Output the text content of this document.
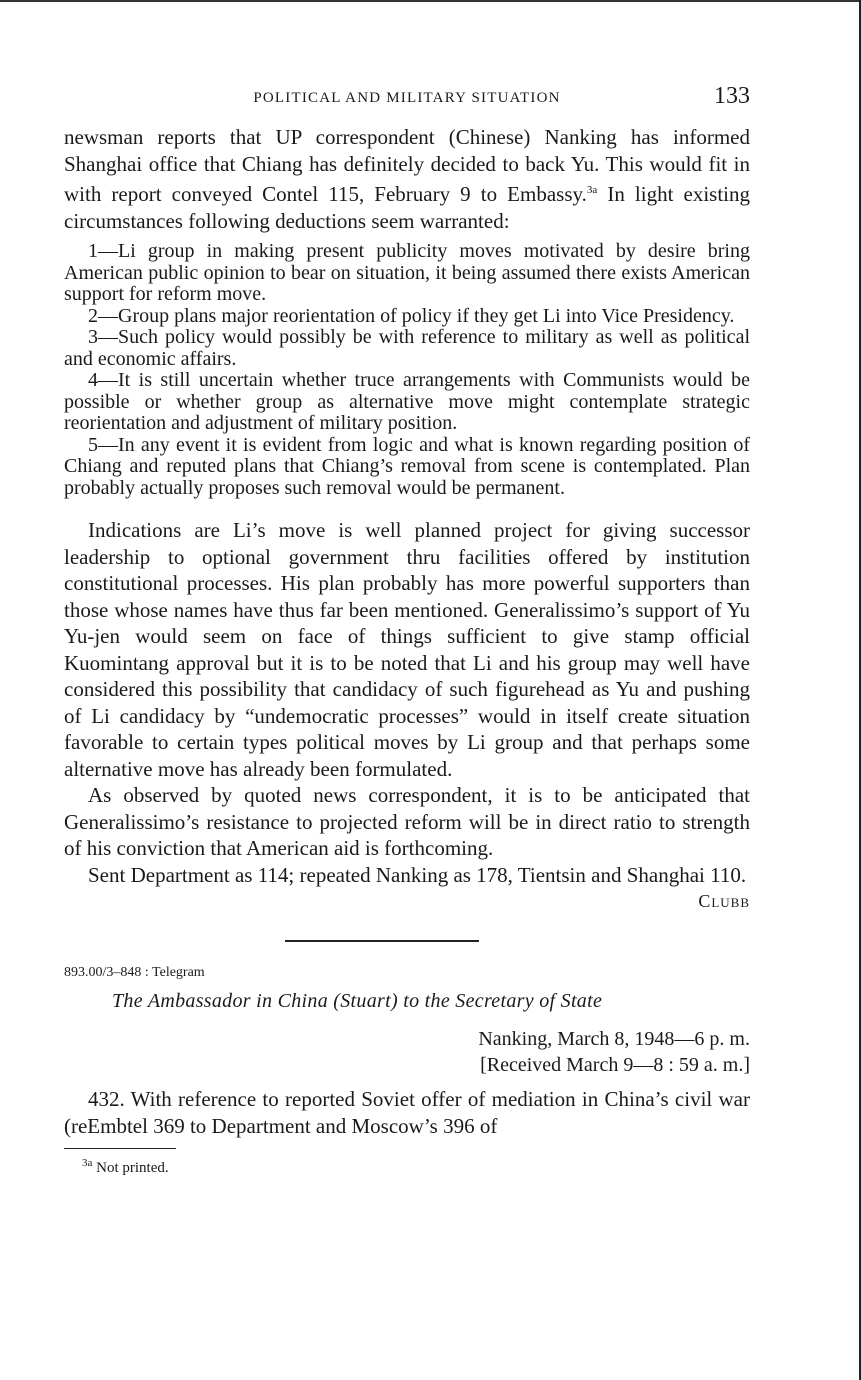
POLITICAL AND MILITARY SITUATION	133

newsman reports that UP correspondent (Chinese) Nanking has informed Shanghai office that Chiang has definitely decided to back Yu. This would fit in with report conveyed Contel 115, February 9 to Embassy.$^{3a}$ In light existing circumstances following deductions seem warranted:

1—Li group in making present publicity moves motivated by desire bring American public opinion to bear on situation, it being assumed there exists American support for reform move.

2—Group plans major reorientation of policy if they get Li into Vice Presidency.

3—Such policy would possibly be with reference to military as well as political and economic affairs.

4—It is still uncertain whether truce arrangements with Communists would be possible or whether group as alternative move might contemplate strategic reorientation and adjustment of military position.

5—In any event it is evident from logic and what is known regarding position of Chiang and reputed plans that Chiang’s removal from scene is contemplated. Plan probably actually proposes such removal would be permanent.

Indications are Li’s move is well planned project for giving successor leadership to optional government thru facilities offered by institution constitutional processes. His plan probably has more powerful supporters than those whose names have thus far been mentioned. Generalissimo’s support of Yu Yu-jen would seem on face of things sufficient to give stamp official Kuomintang approval but it is to be noted that Li and his group may well have considered this possibility that candidacy of such figurehead as Yu and pushing of Li candidacy by “undemocratic processes” would in itself create situation favorable to certain types political moves by Li group and that perhaps some alternative move has already been formulated.

As observed by quoted news correspondent, it is to be anticipated that Generalissimo’s resistance to projected reform will be in direct ratio to strength of his conviction that American aid is forthcoming.

Sent Department as 114; repeated Nanking as 178, Tientsin and Shanghai 110.

Clubb
893.00/3–848 : Telegram
The Ambassador in China (Stuart) to the Secretary of State
Nanking, March 8, 1948—6 p. m.
[Received March 9—8 : 59 a. m.]

432. With reference to reported Soviet offer of mediation in China’s civil war (reEmbtel 369 to Department and Moscow’s 396 of

$^{3a}$ Not printed.
